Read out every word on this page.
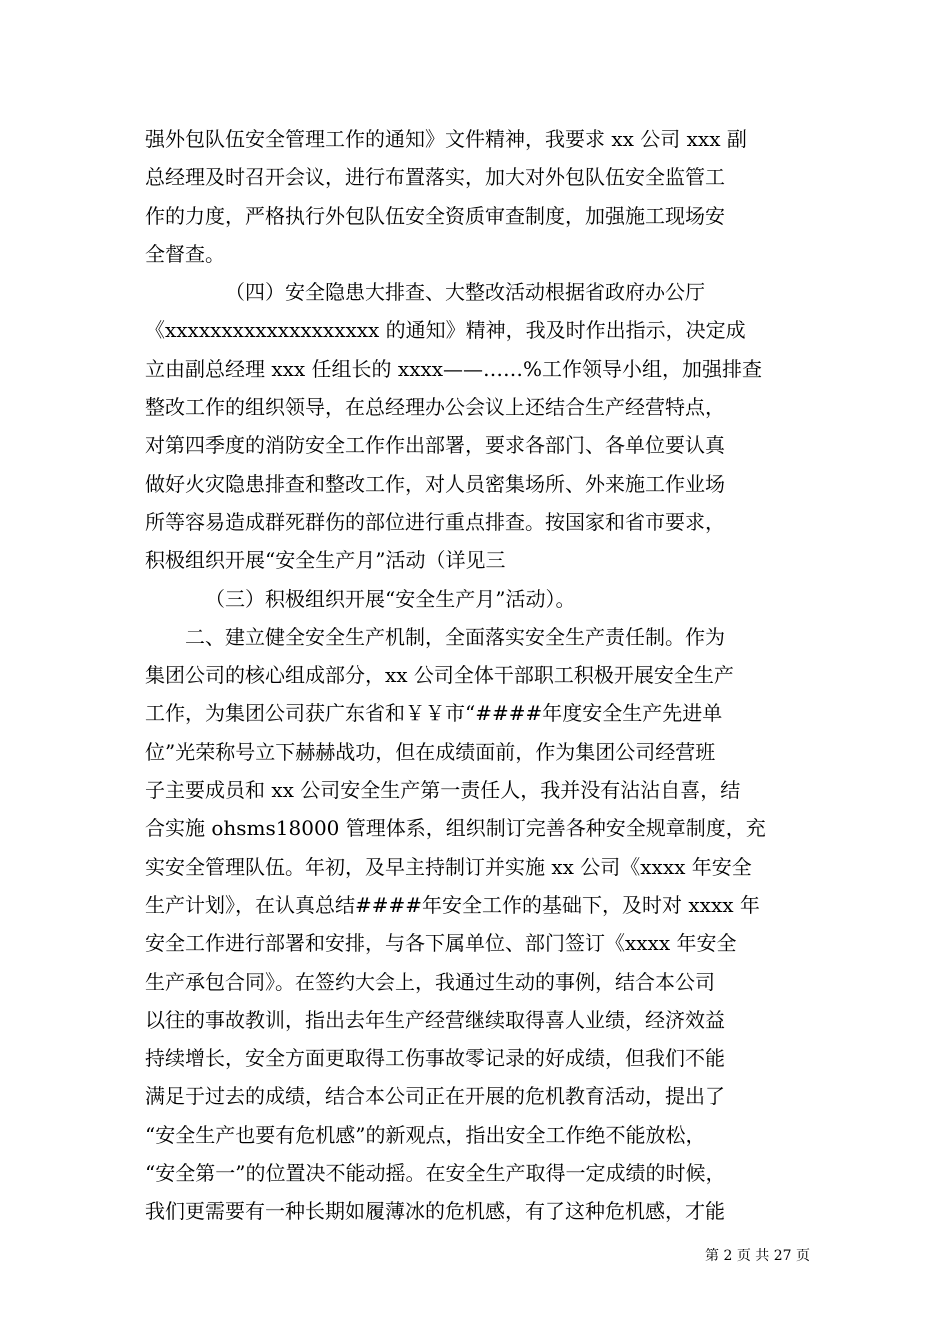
强外包队伍安全管理工作的通知》文件精神，我要求 xx 公司 xxx 副
总经理及时召开会议，进行布置落实，加大对外包队伍安全监管工
作的力度，严格执行外包队伍安全资质审查制度，加强施工现场安
全督查。
（四）安全隐患大排查、大整改活动根据省政府办公厅
《xxxxxxxxxxxxxxxxxxx 的通知》精神，我及时作出指示，决定成
立由副总经理 xxx 任组长的 xxxx——……%工作领导小组，加强排查
整改工作的组织领导，在总经理办公会议上还结合生产经营特点，
对第四季度的消防安全工作作出部署，要求各部门、各单位要认真
做好火灾隐患排查和整改工作，对人员密集场所、外来施工作业场
所等容易造成群死群伤的部位进行重点排查。按国家和省市要求，
积极组织开展“安全生产月”活动（详见三
（三）积极组织开展“安全生产月”活动）。
二、建立健全安全生产机制，全面落实安全生产责任制。作为
集团公司的核心组成部分，xx 公司全体干部职工积极开展安全生产
工作，为集团公司获广东省和￥￥市“####年度安全生产先进单
位”光荣称号立下赫赫战功，但在成绩面前，作为集团公司经营班
子主要成员和 xx 公司安全生产第一责任人，我并没有沾沾自喜，结
合实施 ohsms18000 管理体系，组织制订完善各种安全规章制度，充
实安全管理队伍。年初，及早主持制订并实施 xx 公司《xxxx 年安全
生产计划》，在认真总结####年安全工作的基础下，及时对 xxxx 年
安全工作进行部署和安排，与各下属单位、部门签订《xxxx 年安全
生产承包合同》。在签约大会上，我通过生动的事例，结合本公司
以往的事故教训，指出去年生产经营继续取得喜人业绩，经济效益
持续增长，安全方面更取得工伤事故零记录的好成绩，但我们不能
满足于过去的成绩，结合本公司正在开展的危机教育活动，提出了
“安全生产也要有危机感”的新观点，指出安全工作绝不能放松，
“安全第一”的位置决不能动摇。在安全生产取得一定成绩的时候，
我们更需要有一种长期如履薄冰的危机感，有了这种危机感，才能
第 2 页 共 27 页
